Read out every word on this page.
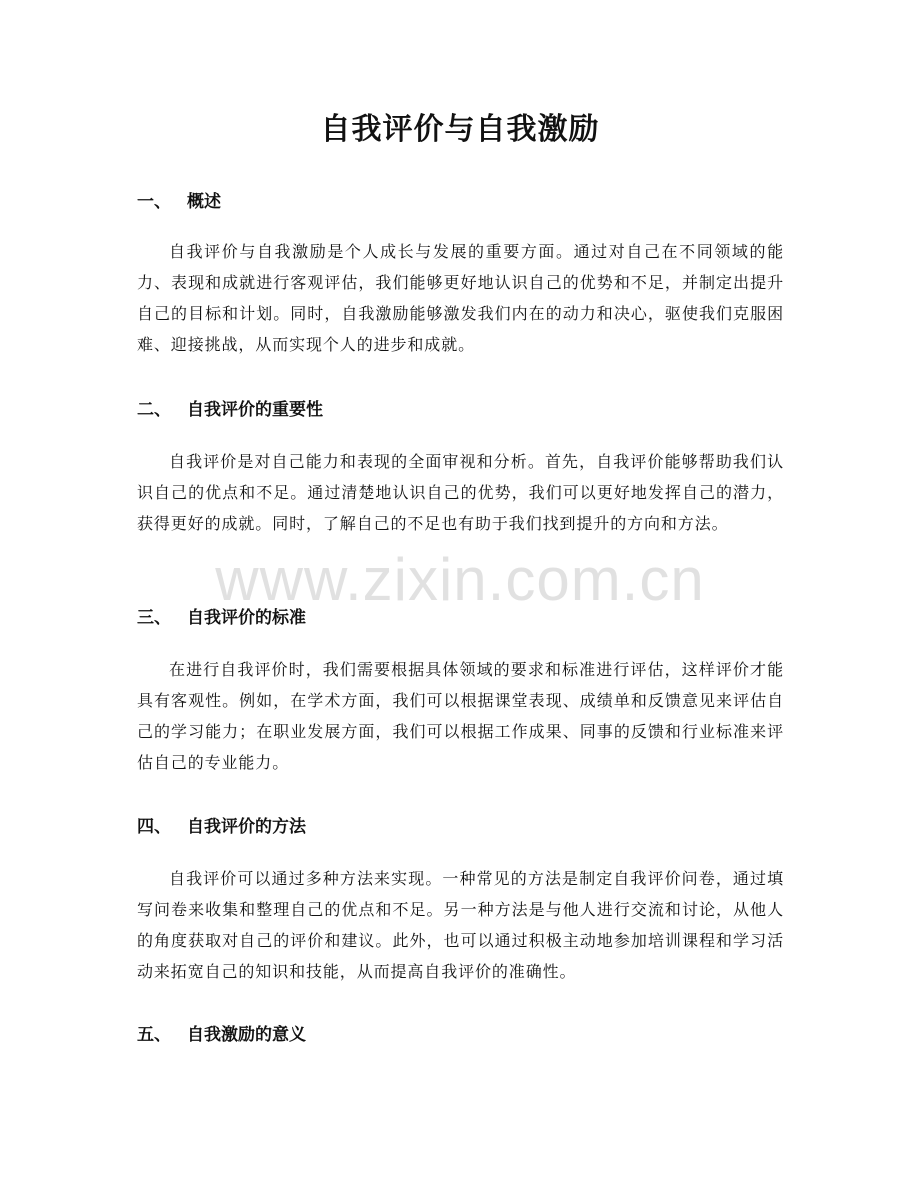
自我评价与自我激励
一、 概述
自我评价与自我激励是个人成长与发展的重要方面。通过对自己在不同领域的能力、表现和成就进行客观评估，我们能够更好地认识自己的优势和不足，并制定出提升自己的目标和计划。同时，自我激励能够激发我们内在的动力和决心，驱使我们克服困难、迎接挑战，从而实现个人的进步和成就。
二、 自我评价的重要性
自我评价是对自己能力和表现的全面审视和分析。首先，自我评价能够帮助我们认识自己的优点和不足。通过清楚地认识自己的优势，我们可以更好地发挥自己的潜力，获得更好的成就。同时，了解自己的不足也有助于我们找到提升的方向和方法。
三、 自我评价的标准
在进行自我评价时，我们需要根据具体领域的要求和标准进行评估，这样评价才能具有客观性。例如，在学术方面，我们可以根据课堂表现、成绩单和反馈意见来评估自己的学习能力；在职业发展方面，我们可以根据工作成果、同事的反馈和行业标准来评估自己的专业能力。
四、 自我评价的方法
自我评价可以通过多种方法来实现。一种常见的方法是制定自我评价问卷，通过填写问卷来收集和整理自己的优点和不足。另一种方法是与他人进行交流和讨论，从他人的角度获取对自己的评价和建议。此外，也可以通过积极主动地参加培训课程和学习活动来拓宽自己的知识和技能，从而提高自我评价的准确性。
五、 自我激励的意义
www.zixin.com.cn
